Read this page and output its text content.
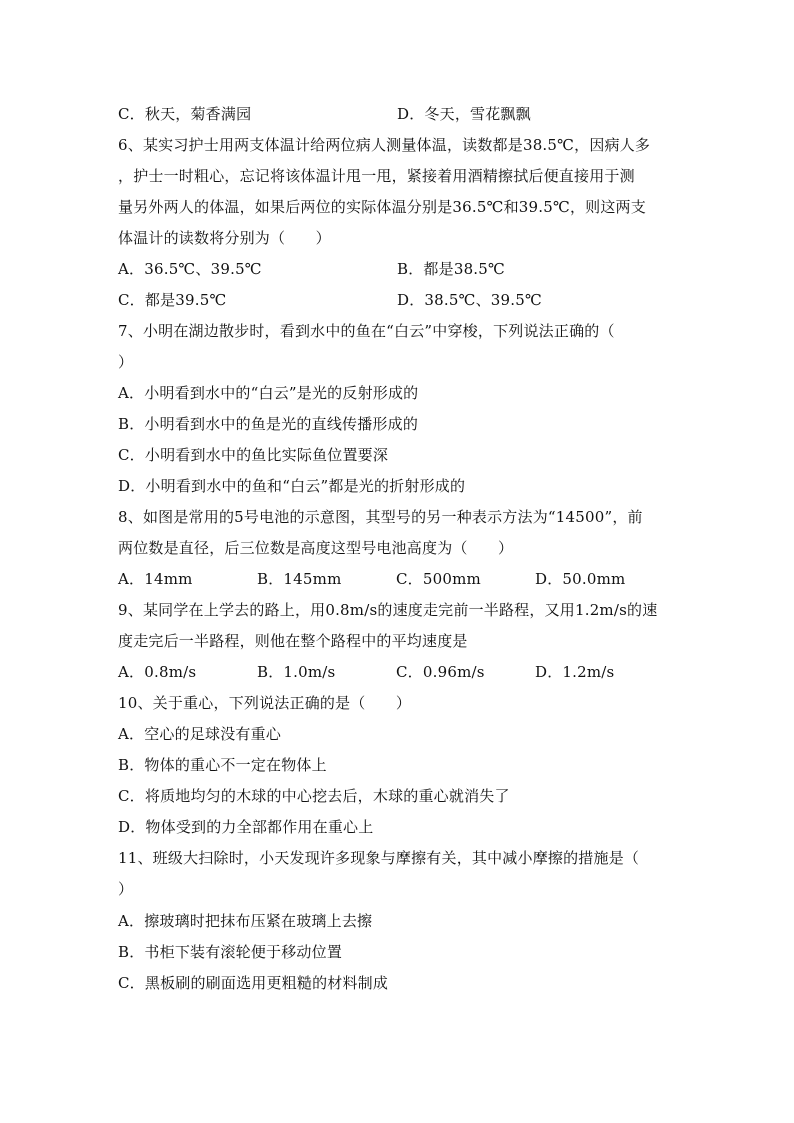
C．秋天，菊香满园	D．冬天，雪花飘飘
6、某实习护士用两支体温计给两位病人测量体温，读数都是38.5℃，因病人多
，护士一时粗心，忘记将该体温计甩一甩，紧接着用酒精擦拭后便直接用于测
量另外两人的体温，如果后两位的实际体温分别是36.5℃和39.5℃，则这两支
体温计的读数将分别为（　　）
A．36.5℃、39.5℃	B．都是38.5℃
C．都是39.5℃	D．38.5℃、39.5℃
7、小明在湖边散步时，看到水中的鱼在“白云”中穿梭，下列说法正确的（
）
A．小明看到水中的“白云”是光的反射形成的
B．小明看到水中的鱼是光的直线传播形成的
C．小明看到水中的鱼比实际鱼位置要深
D．小明看到水中的鱼和“白云”都是光的折射形成的
8、如图是常用的5号电池的示意图，其型号的另一种表示方法为“14500”，前
两位数是直径，后三位数是高度这型号电池高度为（　　）
A．14mm	B．145mm	C．500mm	D．50.0mm
9、某同学在上学去的路上，用0.8m/s的速度走完前一半路程，又用1.2m/s的速
度走完后一半路程，则他在整个路程中的平均速度是
A．0.8m/s	B．1.0m/s	C．0.96m/s	D．1.2m/s
10、关于重心，下列说法正确的是（　　）
A．空心的足球没有重心
B．物体的重心不一定在物体上
C．将质地均匀的木球的中心挖去后，木球的重心就消失了
D．物体受到的力全部都作用在重心上
11、班级大扫除时，小天发现许多现象与摩擦有关，其中减小摩擦的措施是（
）
A．擦玻璃时把抹布压紧在玻璃上去擦
B．书柜下装有滚轮便于移动位置
C．黑板刷的刷面选用更粗糙的材料制成
